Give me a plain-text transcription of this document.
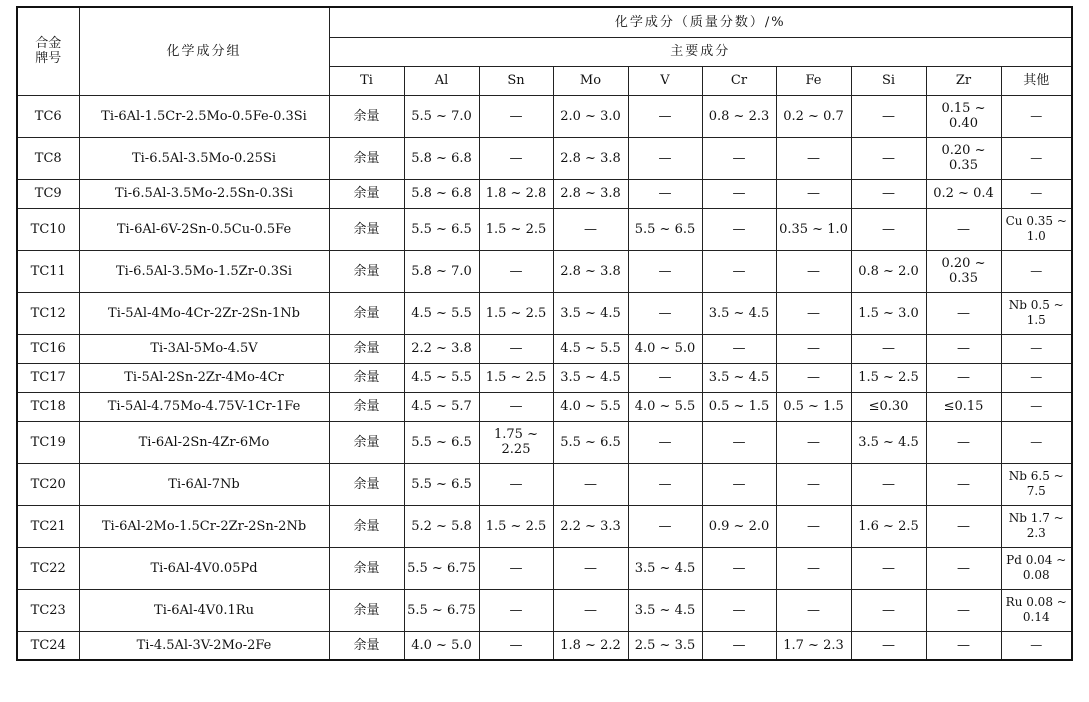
合金
牌号	化学成分组	化学成分（质量分数）/%									
		主要成分									
		Ti	Al	Sn	Mo	V	Cr	Fe	Si	Zr	其他
TC6	Ti-6Al-1.5Cr-2.5Mo-0.5Fe-0.3Si	余量	5.5 ~ 7.0	—	2.0 ~ 3.0	—	0.8 ~ 2.3	0.2 ~ 0.7	—	0.15 ~
0.40	—
TC8	Ti-6.5Al-3.5Mo-0.25Si	余量	5.8 ~ 6.8	—	2.8 ~ 3.8	—	—	—	—	0.20 ~
0.35	—
TC9	Ti-6.5Al-3.5Mo-2.5Sn-0.3Si	余量	5.8 ~ 6.8	1.8 ~ 2.8	2.8 ~ 3.8	—	—	—	—	0.2 ~ 0.4	—
TC10	Ti-6Al-6V-2Sn-0.5Cu-0.5Fe	余量	5.5 ~ 6.5	1.5 ~ 2.5	—	5.5 ~ 6.5	—	0.35 ~ 1.0	—	—	Cu 0.35 ~
1.0
TC11	Ti-6.5Al-3.5Mo-1.5Zr-0.3Si	余量	5.8 ~ 7.0	—	2.8 ~ 3.8	—	—	—	0.8 ~ 2.0	0.20 ~
0.35	—
TC12	Ti-5Al-4Mo-4Cr-2Zr-2Sn-1Nb	余量	4.5 ~ 5.5	1.5 ~ 2.5	3.5 ~ 4.5	—	3.5 ~ 4.5	—	1.5 ~ 3.0	—	Nb 0.5 ~
1.5
TC16	Ti-3Al-5Mo-4.5V	余量	2.2 ~ 3.8	—	4.5 ~ 5.5	4.0 ~ 5.0	—	—	—	—	—
TC17	Ti-5Al-2Sn-2Zr-4Mo-4Cr	余量	4.5 ~ 5.5	1.5 ~ 2.5	3.5 ~ 4.5	—	3.5 ~ 4.5	—	1.5 ~ 2.5	—	—
TC18	Ti-5Al-4.75Mo-4.75V-1Cr-1Fe	余量	4.5 ~ 5.7	—	4.0 ~ 5.5	4.0 ~ 5.5	0.5 ~ 1.5	0.5 ~ 1.5	≤0.30	≤0.15	—
TC19	Ti-6Al-2Sn-4Zr-6Mo	余量	5.5 ~ 6.5	1.75 ~
2.25	5.5 ~ 6.5	—	—	—	3.5 ~ 4.5	—	—
TC20	Ti-6Al-7Nb	余量	5.5 ~ 6.5	—	—	—	—	—	—	—	Nb 6.5 ~
7.5
TC21	Ti-6Al-2Mo-1.5Cr-2Zr-2Sn-2Nb	余量	5.2 ~ 5.8	1.5 ~ 2.5	2.2 ~ 3.3	—	0.9 ~ 2.0	—	1.6 ~ 2.5	—	Nb 1.7 ~
2.3
TC22	Ti-6Al-4V0.05Pd	余量	5.5 ~ 6.75	—	—	3.5 ~ 4.5	—	—	—	—	Pd 0.04 ~
0.08
TC23	Ti-6Al-4V0.1Ru	余量	5.5 ~ 6.75	—	—	3.5 ~ 4.5	—	—	—	—	Ru 0.08 ~
0.14
TC24	Ti-4.5Al-3V-2Mo-2Fe	余量	4.0 ~ 5.0	—	1.8 ~ 2.2	2.5 ~ 3.5	—	1.7 ~ 2.3	—	—	—
